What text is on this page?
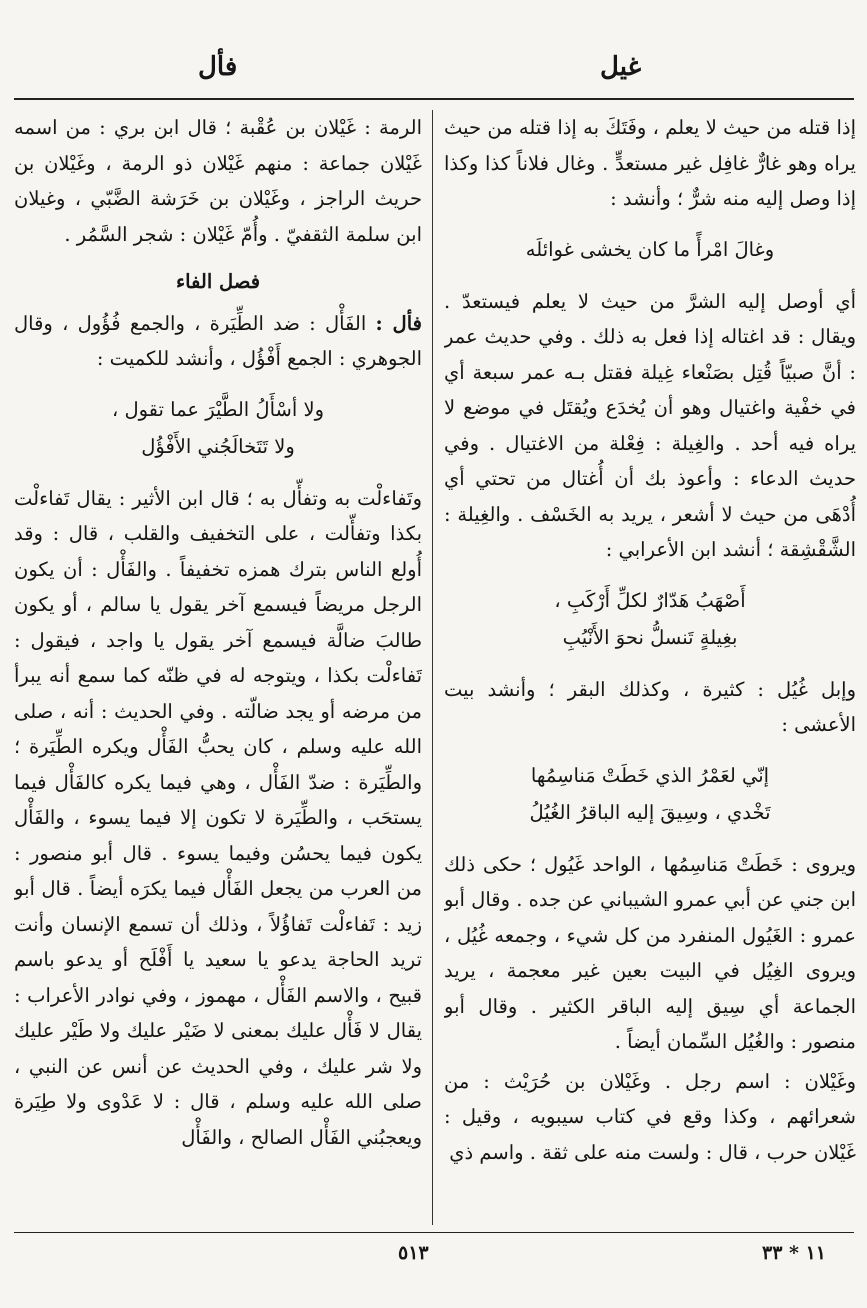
غيل
فأل

إذا قتله من حيث لا يعلم ، وفَتَكَ به إذا قتله من حيث يراه وهو غارٌّ غافِل غير مستعدٍّ . وغال فلاناً كذا وكذا إذا وصل إليه منه شرٌّ ؛ وأنشد :

وغالَ امْرأً ما كان يخشى غوائلَه

أي أوصل إليه الشرَّ من حيث لا يعلم فيستعدّ . ويقال : قد اغتاله إذا فعل به ذلك . وفي حديث عمر : أنَّ صبيّاً قُتِل بصَنْعاء غِيلة فقتل بـه عمر سبعة أي في خفْية واغتيال وهو أن يُخدَع ويُقتَل في موضع لا يراه فيه أحد . والغِيلة : فِعْلة من الاغتيال . وفي حديث الدعاء : وأعوذ بك أن أُغتال من تحتي أي أُدْهَى من حيث لا أشعر ، يريد به الخَسْف . والغِيلة : الشَّقْشِقة ؛ أنشد ابن الأعرابي :

أَصْهَبُ هَدّارٌ لكلِّ أَرْكَبِ ،
بغِيلةٍ تَنسلُّ نحوَ الأَنْيُبِ

وإبل غُيُل : كثيرة ، وكذلك البقر ؛ وأنشد بيت الأعشى :

إنّي لعَمْرُ الذي خَطَتْ مَناسِمُها
تَخْدي ، وسِيقَ إليه الباقرُ الغُيُلُ

ويروى : خَطَتْ مَناسِمُها ، الواحد غَيُول ؛ حكى ذلك ابن جني عن أبي عمرو الشيباني عن جده . وقال أبو عمرو : الغَيُول المنفرد من كل شيء ، وجمعه غُيُل ، ويروى الغِيُل في البيت بعين غير معجمة ، يريد الجماعة أي سِيق إليه الباقر الكثير . وقال أبو منصور : والغُيُل السِّمان أيضاً .

وغَيْلان : اسم رجل . وغَيْلان بن حُرَيْث : من شعرائهم ، وكذا وقع في كتاب سيبويه ، وقيل : غَيْلان حرب ، قال : ولست منه على ثقة . واسم ذي

الرمة : غَيْلان بن عُقْبة ؛ قال ابن بري : من اسمه غَيْلان جماعة : منهم غَيْلان ذو الرمة ، وغَيْلان بن حريث الراجز ، وغَيْلان بن خَرَشة الضَّبّي ، وغيلان ابن سلمة الثقفيّ . وأُمّ غَيْلان : شجر السَّمُر .

فصل الفاء

فأل : الفَأْل : ضد الطِّيَرة ، والجمع فُؤُول ، وقال الجوهري : الجمع أَفْؤُل ، وأنشد للكميت :

ولا أسْأَلُ الطَّيْرَ عما تقول ،
ولا تَتَخالَجُني الأَفْؤُل

وتَفاءلْت به وتفأّل به ؛ قال ابن الأثير : يقال تَفاءلْت بكذا وتفأّلت ، على التخفيف والقلب ، قال : وقد أُولع الناس بترك همزه تخفيفاً . والفَأْل : أن يكون الرجل مريضاً فيسمع آخر يقول يا سالم ، أو يكون طالبَ ضالَّة فيسمع آخر يقول يا واجد ، فيقول : تَفاءلْت بكذا ، ويتوجه له في ظنّه كما سمع أنه يبرأ من مرضه أو يجد ضالّته . وفي الحديث : أنه ، صلى الله عليه وسلم ، كان يحبُّ الفَأْل ويكره الطِّيَرة ؛ والطِّيَرة : ضدّ الفَأْل ، وهي فيما يكره كالفَأْل فيما يستحَب ، والطِّيَرة لا تكون إلا فيما يسوء ، والفَأْل يكون فيما يحسُن وفيما يسوء . قال أبو منصور : من العرب من يجعل الفَأْل فيما يكرَه أيضاً . قال أبو زيد : تَفاءلْت تَفاؤُلاً ، وذلك أن تسمع الإنسان وأنت تريد الحاجة يدعو يا سعيد يا أَفْلَح أو يدعو باسم قبيح ، والاسم الفَأْل ، مهموز ، وفي نوادر الأعراب : يقال لا فَأْل عليك بمعنى لا ضَيْر عليك ولا طَيْر عليك ولا شر عليك ، وفي الحديث عن أنس عن النبي ، صلى الله عليه وسلم ، قال : لا عَدْوى ولا طِيَرة ويعجبُني الفَأْل الصالح ، والفَأْل

٥١٣	١١ * ٣٣
